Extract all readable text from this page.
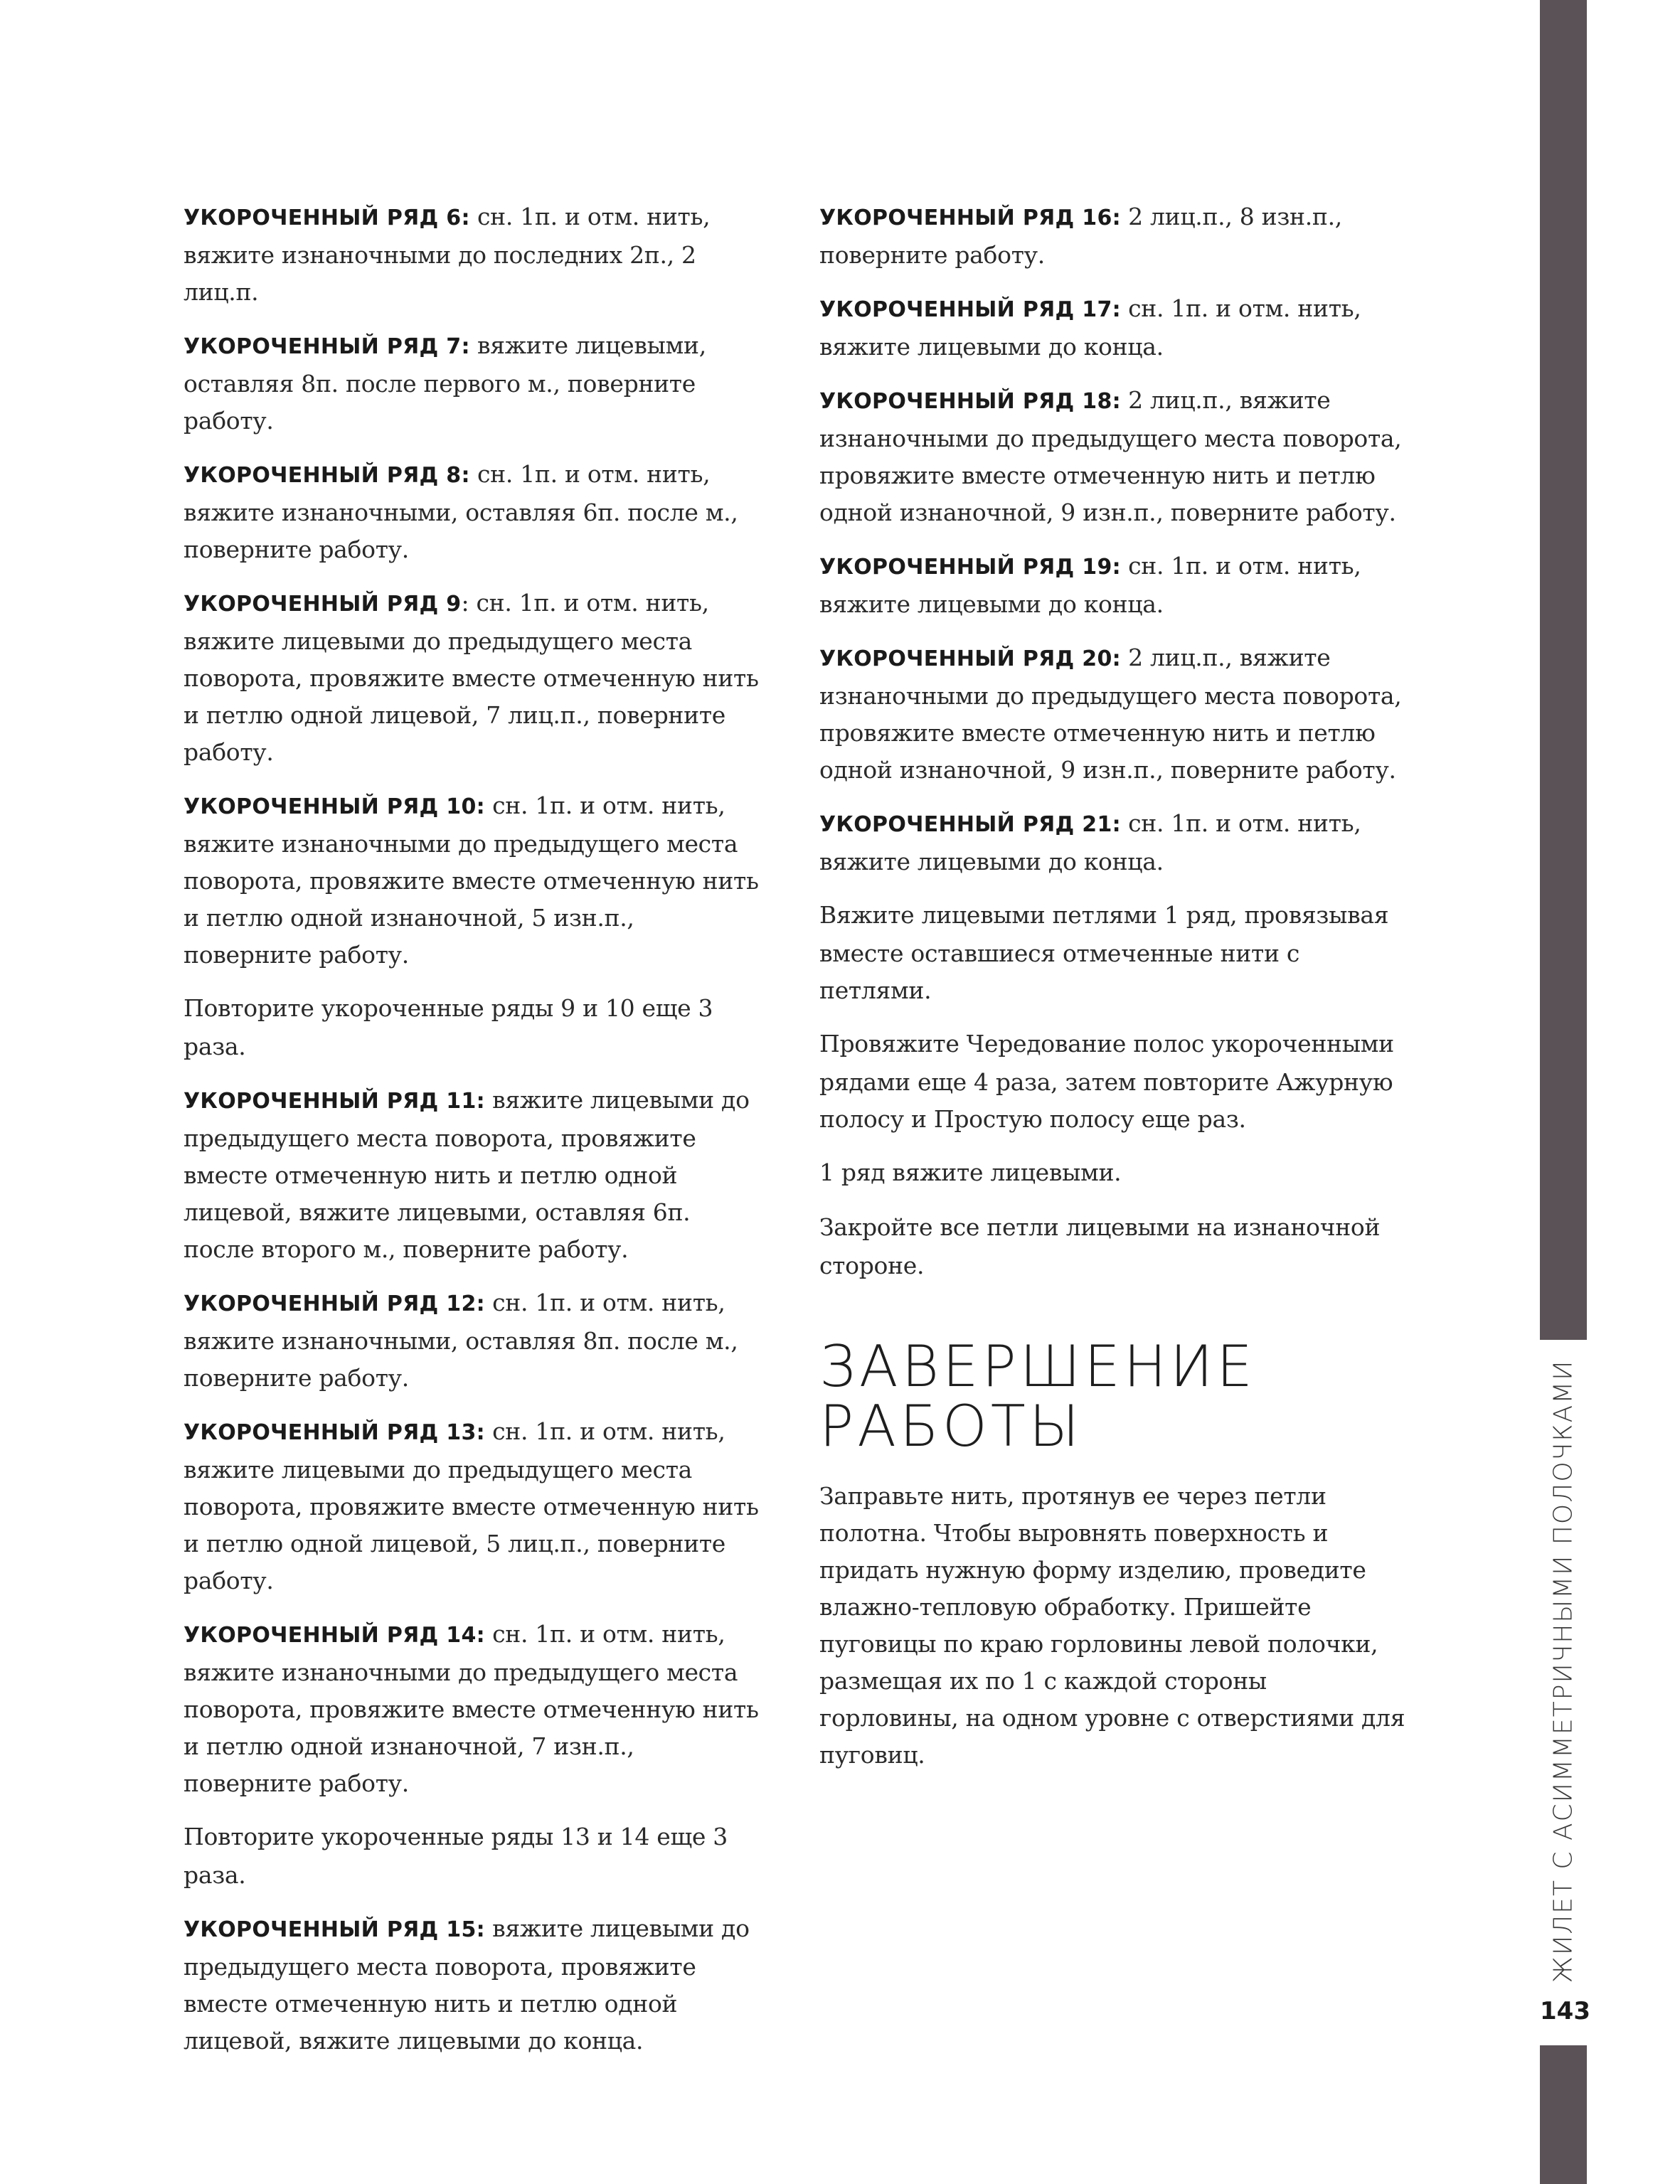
УКОРОЧЕННЫЙ РЯД 6: сн. 1п. и отм. нить, вяжите изнаночными до последних 2п., 2 лиц.п.

УКОРОЧЕННЫЙ РЯД 7: вяжите лицевыми, оставляя 8п. после первого м., поверните работу.

УКОРОЧЕННЫЙ РЯД 8: сн. 1п. и отм. нить, вяжите изнаночными, оставляя 6п. после м., поверните работу.

УКОРОЧЕННЫЙ РЯД 9: сн. 1п. и отм. нить, вяжите лицевыми до предыдущего места поворота, провяжите вместе отмеченную нить и петлю одной лицевой, 7 лиц.п., поверните работу.

УКОРОЧЕННЫЙ РЯД 10: сн. 1п. и отм. нить, вяжите изнаночными до предыдущего места поворота, провяжите вместе отмеченную нить и петлю одной изнаночной, 5 изн.п., поверните работу.

Повторите укороченные ряды 9 и 10 еще 3 раза.

УКОРОЧЕННЫЙ РЯД 11: вяжите лицевыми до предыдущего места поворота, провяжите вместе отмеченную нить и петлю одной лицевой, вяжите лицевыми, оставляя 6п. после второго м., поверните работу.

УКОРОЧЕННЫЙ РЯД 12: сн. 1п. и отм. нить, вяжите изнаночными, оставляя 8п. после м., поверните работу.

УКОРОЧЕННЫЙ РЯД 13: сн. 1п. и отм. нить, вяжите лицевыми до предыдущего места поворота, провяжите вместе отмеченную нить и петлю одной лицевой, 5 лиц.п., поверните работу.

УКОРОЧЕННЫЙ РЯД 14: сн. 1п. и отм. нить, вяжите изнаночными до предыдущего места поворота, провяжите вместе отмеченную нить и петлю одной изнаночной, 7 изн.п., поверните работу.

Повторите укороченные ряды 13 и 14 еще 3 раза.

УКОРОЧЕННЫЙ РЯД 15: вяжите лицевыми до предыдущего места поворота, провяжите вместе отмеченную нить и петлю одной лицевой, вяжите лицевыми до конца.

УКОРОЧЕННЫЙ РЯД 16: 2 лиц.п., 8 изн.п., поверните работу.

УКОРОЧЕННЫЙ РЯД 17: сн. 1п. и отм. нить, вяжите лицевыми до конца.

УКОРОЧЕННЫЙ РЯД 18: 2 лиц.п., вяжите изнаночными до предыдущего места поворота, провяжите вместе отмеченную нить и петлю одной изнаночной, 9 изн.п., поверните работу.

УКОРОЧЕННЫЙ РЯД 19: сн. 1п. и отм. нить, вяжите лицевыми до конца.

УКОРОЧЕННЫЙ РЯД 20: 2 лиц.п., вяжите изнаночными до предыдущего места поворота, провяжите вместе отмеченную нить и петлю одной изнаночной, 9 изн.п., поверните работу.

УКОРОЧЕННЫЙ РЯД 21: сн. 1п. и отм. нить, вяжите лицевыми до конца.

Вяжите лицевыми петлями 1 ряд, провязывая вместе оставшиеся отмеченные нити с петлями.

Провяжите Чередование полос укороченными рядами еще 4 раза, затем повторите Ажурную полосу и Простую полосу еще раз.

1 ряд вяжите лицевыми.

Закройте все петли лицевыми на изнаночной стороне.

ЗАВЕРШЕНИЕ
РАБОТЫ

Заправьте нить, протянув ее через петли полотна. Чтобы выровнять поверхность и придать нужную форму изделию, проведите влажно-тепловую обработку. Пришейте пуговицы по краю горловины левой полочки, размещая их по 1 с каждой стороны горловины, на одном уровне с отверстиями для пуговиц.	ЖИЛЕТ С АСИММЕТРИЧНЫМИ ПОЛОЧКАМИ
143
